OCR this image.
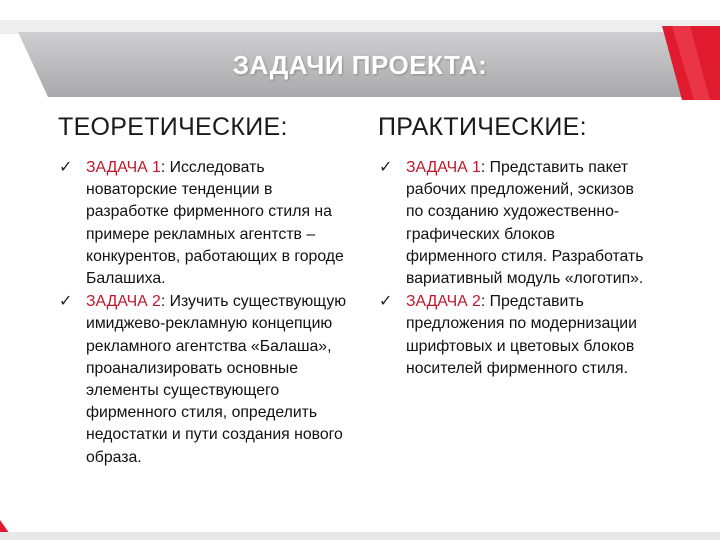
ЗАДАЧИ ПРОЕКТА:
ТЕОРЕТИЧЕСКИЕ:
✓ ЗАДАЧА 1: Исследовать новаторские тенденции в разработке фирменного стиля на примере рекламных агентств – конкурентов, работающих в городе Балашиха.
✓ ЗАДАЧА 2: Изучить существующую имиджево-рекламную концепцию рекламного агентства «Балаша», проанализировать основные элементы существующего фирменного стиля, определить недостатки и пути создания нового образа.
ПРАКТИЧЕСКИЕ:
✓ ЗАДАЧА 1: Представить пакет рабочих предложений, эскизов по созданию художественно-графических блоков фирменного стиля. Разработать вариативный модуль «логотип».
✓ ЗАДАЧА 2: Представить предложения по модернизации шрифтовых и цветовых блоков носителей фирменного стиля.
